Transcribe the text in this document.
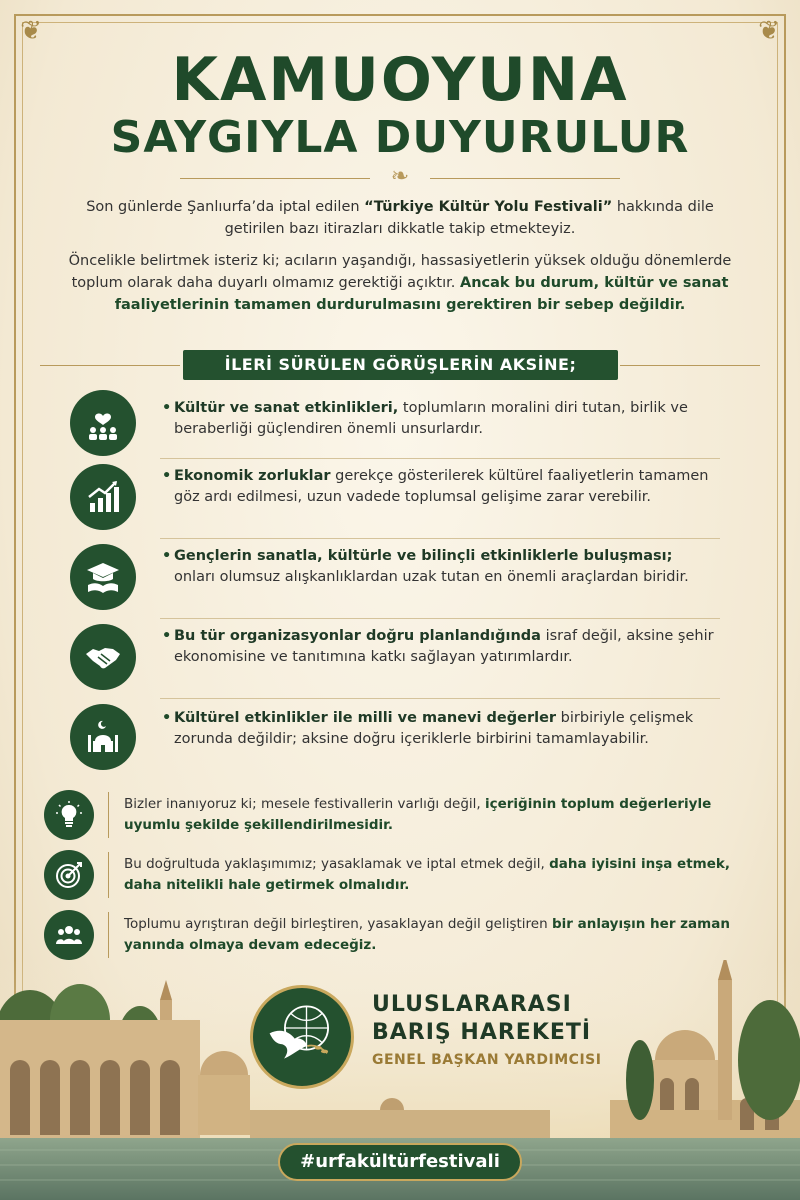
❦	❦
KAMUOYUNA
SAYGIYLA DUYURULUR
❧

Son günlerde Şanlıurfa’da iptal edilen “Türkiye Kültür Yolu Festivali” hakkında dile getirilen bazı itirazları dikkatle takip etmekteyiz.

Öncelikle belirtmek isteriz ki; acıların yaşandığı, hassasiyetlerin yüksek olduğu dönemlerde toplum olarak daha duyarlı olmamız gerektiği açıktır. Ancak bu durum, kültür ve sanat faaliyetlerinin tamamen durdurulmasını gerektiren bir sebep değildir.

İLERİ SÜRÜLEN GÖRÜŞLERİN AKSİNE;
• Kültür ve sanat etkinlikleri, toplumların moralini diri tutan, birlik ve beraberliği güçlendiren önemli unsurlardır.
• Ekonomik zorluklar gerekçe gösterilerek kültürel faaliyetlerin tamamen göz ardı edilmesi, uzun vadede toplumsal gelişime zarar verebilir.
• Gençlerin sanatla, kültürle ve bilinçli etkinliklerle buluşması; onları olumsuz alışkanlıklardan uzak tutan en önemli araçlardan biridir.
• Bu tür organizasyonlar doğru planlandığında israf değil, aksine şehir ekonomisine ve tanıtımına katkı sağlayan yatırımlardır.
• Kültürel etkinlikler ile milli ve manevi değerler birbiriyle çelişmek zorunda değildir; aksine doğru içeriklerle birbirini tamamlayabilir.
Bizler inanıyoruz ki; mesele festivallerin varlığı değil, içeriğinin toplum değerleriyle uyumlu şekilde şekillendirilmesidir.
Bu doğrultuda yaklaşımımız; yasaklamak ve iptal etmek değil, daha iyisini inşa etmek, daha nitelikli hale getirmek olmalıdır.
Toplumu ayrıştıran değil birleştiren, yasaklayan değil geliştiren bir anlayışın her zaman yanında olmaya devam edeceğiz.
ULUSLARARASI
BARIŞ HAREKETİ
GENEL BAŞKAN YARDIMCISI
#urfakültürfestivali
